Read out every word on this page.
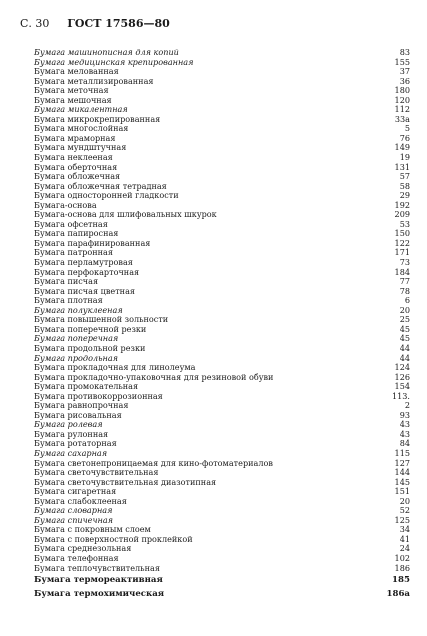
С. 30 ГОСТ 17586—80
Бумага машинописная для копий	83
Бумага медицинская крепированная	155
Бумага мелованная	37
Бумага металлизированная	36
Бумага меточная	180
Бумага мешочная	120
Бумага микалентная	112
Бумага микрокрепированная	33а
Бумага многослойная	5
Бумага мраморная	76
Бумага мундштучная	149
Бумага неклееная	19
Бумага оберточная	131
Бумага обложечная	57
Бумага обложечная тетрадная	58
Бумага односторонней гладкости	29
Бумага-основа	192
Бумага-основа для шлифовальных шкурок	209
Бумага офсетная	53
Бумага папиросная	150
Бумага парафинированная	122
Бумага патронная	171
Бумага перламутровая	73
Бумага перфокарточная	184
Бумага писчая	77
Бумага писчая цветная	78
Бумага плотная	6
Бумага полуклееная	20
Бумага повышенной зольности	25
Бумага поперечной резки	45
Бумага поперечная	45
Бумага продольной резки	44
Бумага продольная	44
Бумага прокладочная для линолеума	124
Бумага прокладочно-упаковочная для резиновой обуви	126
Бумага промокательная	154
Бумага противокоррозионная	113.
Бумага равнопрочная	2
Бумага рисовальная	93
Бумага ролевая	43
Бумага рулонная	43
Бумага ротаторная	84
Бумага сахарная	115
Бумага светонепроницаемая для кино-фотоматериалов	127
Бумага светочувствительная	144
Бумага светочувствительная диазотипная	145
Бумага сигаретная	151
Бумага слабоклееная	20
Бумага словарная	52
Бумага спичечная	125
Бумага с покровным слоем	34
Бумага с поверхностной проклейкой	41
Бумага среднезольная	24
Бумага телефонная	102
Бумага теплочувствительная	186
Бумага термореактивная	185
Бумага термохимическая	186а
